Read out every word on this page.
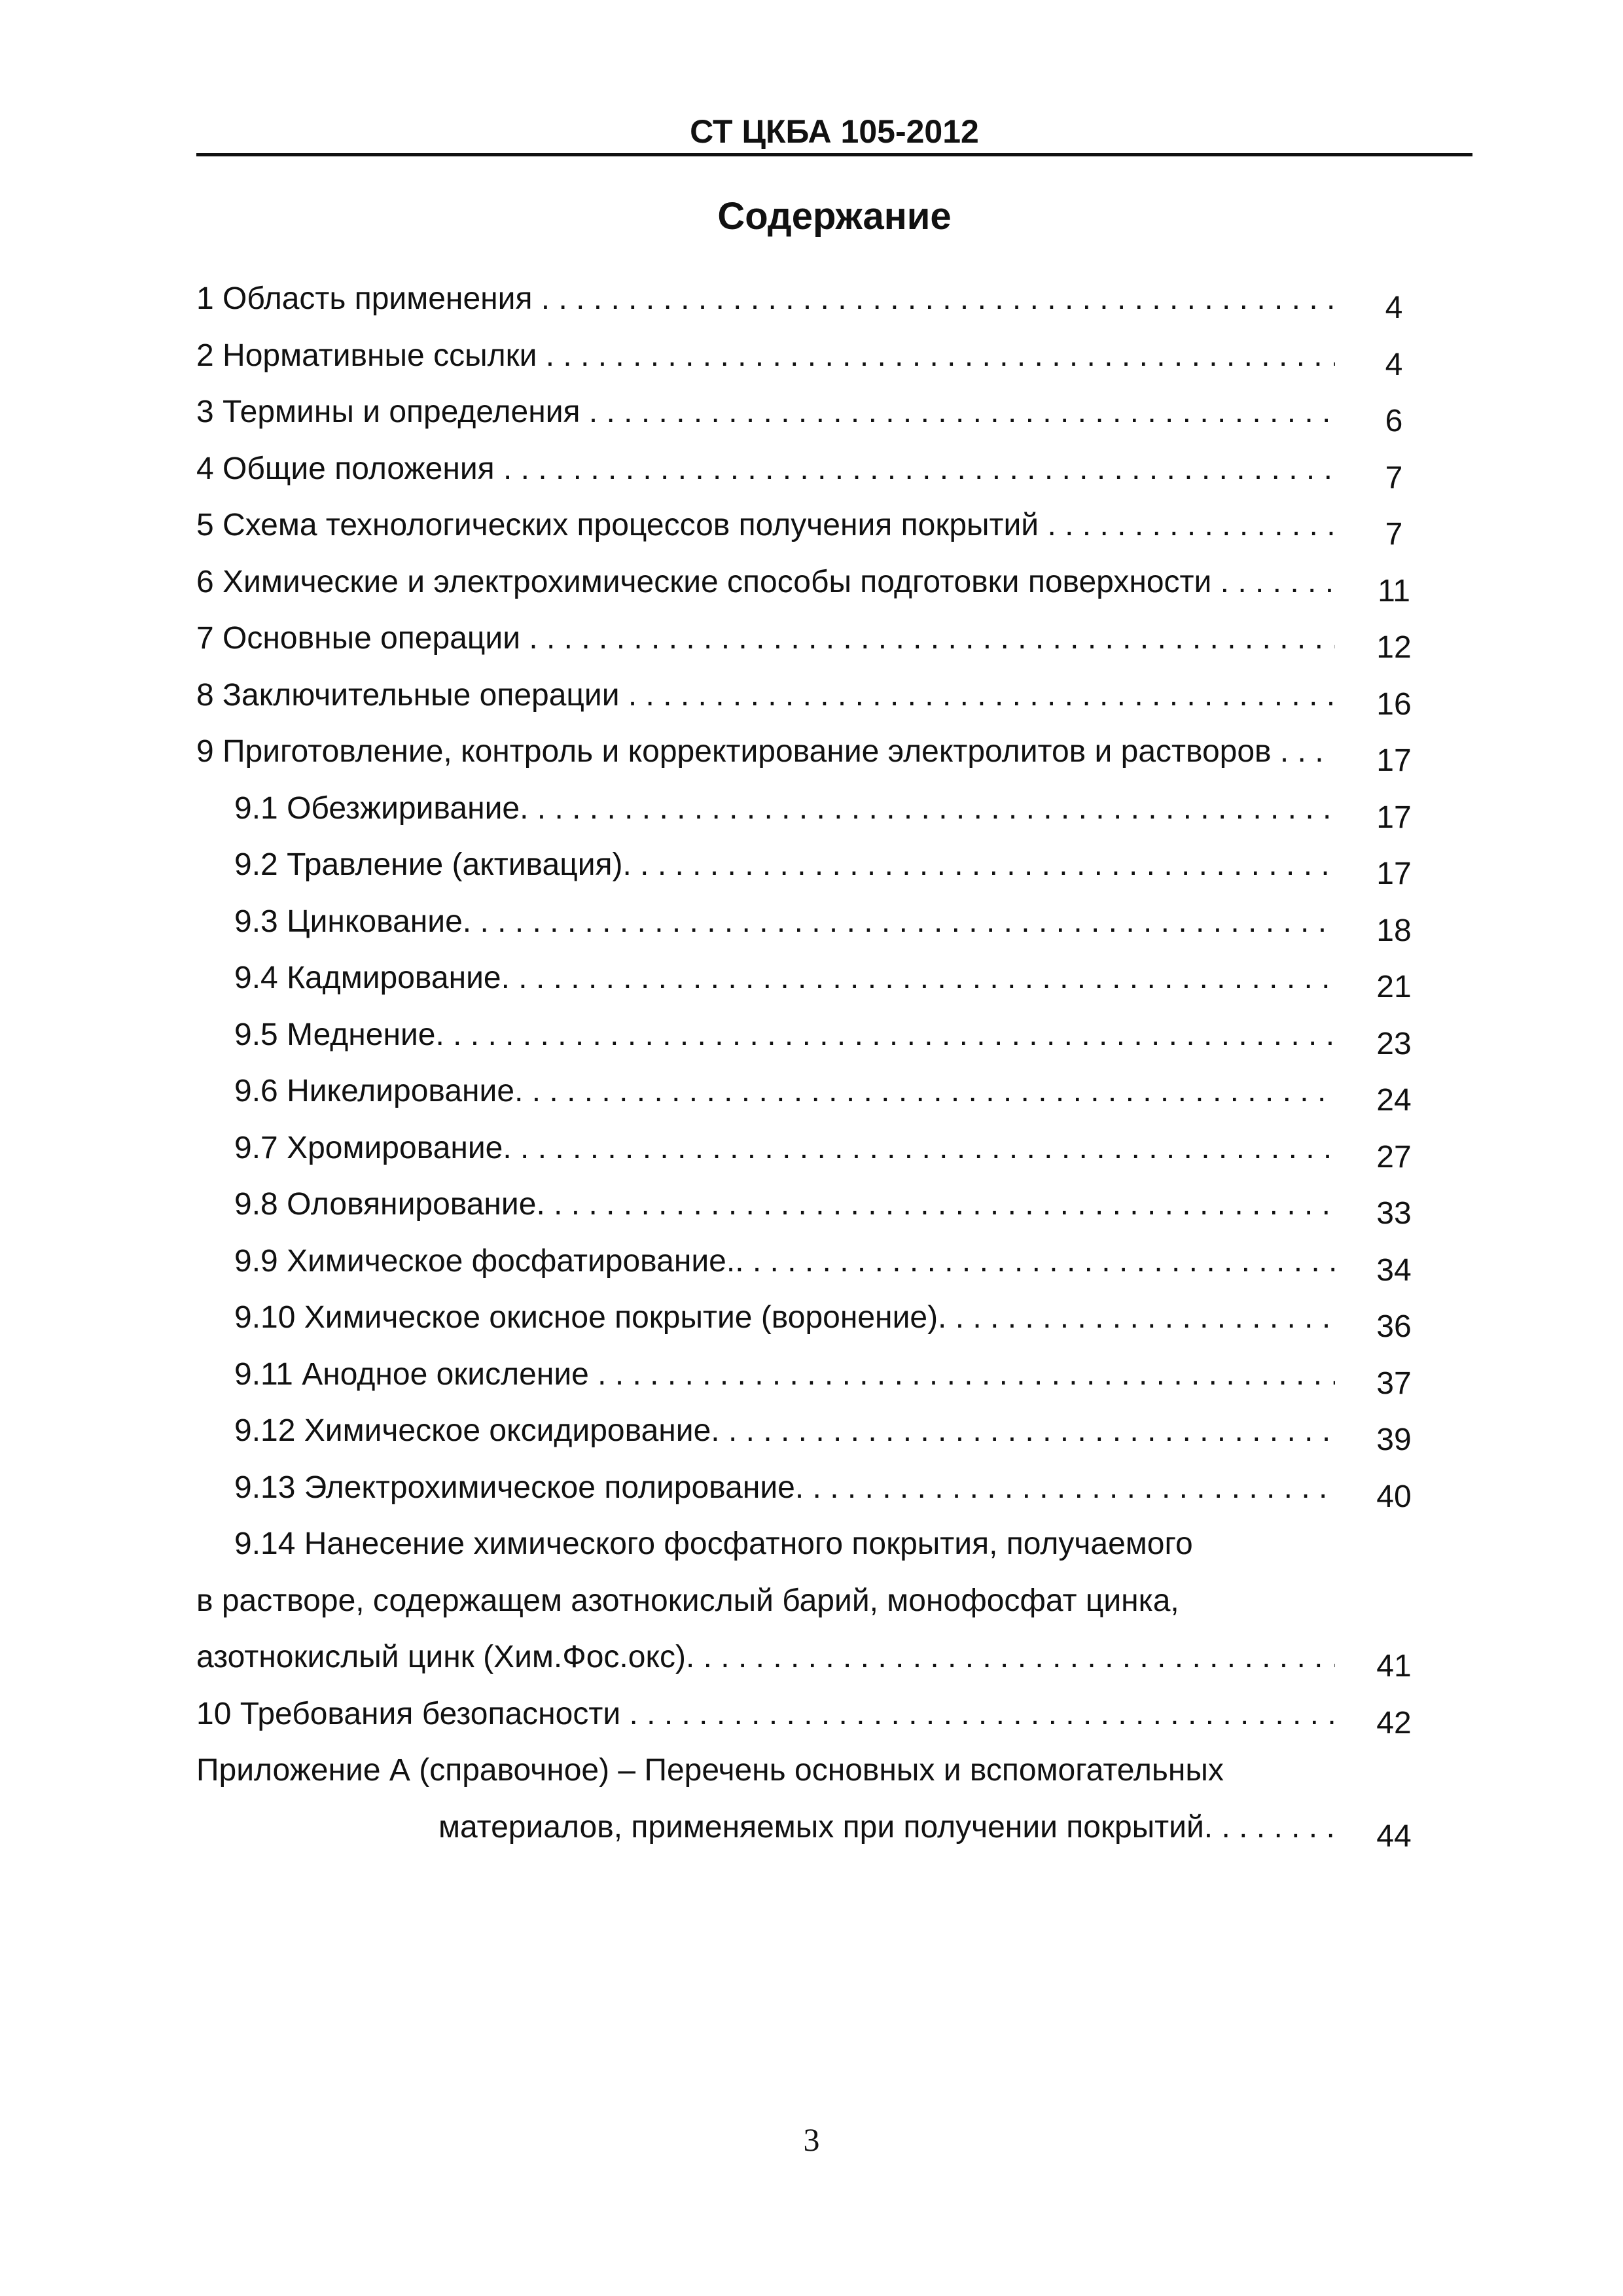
СТ ЦКБА 105-2012
Содержание
1 Область применения . . .	4
2 Нормативные ссылки . . .	4
3 Термины и определения . . .	6
4 Общие положения . . .	7
5 Схема технологических процессов получения покрытий . . .	7
6 Химические и электрохимические способы подготовки поверхности . . .	11
7 Основные операции . . .	12
8 Заключительные операции . . .	16
9 Приготовление, контроль и корректирование электролитов и растворов . . .	17
9.1 Обезжиривание. . . .	17
9.2 Травление (активация). . . .	17
9.3 Цинкование. . . .	18
9.4 Кадмирование. . . .	21
9.5 Меднение. . . .	23
9.6 Никелирование. . . .	24
9.7 Хромирование. . . .	27
9.8 Оловянирование. . . .	33
9.9 Химическое фосфатирование.. . . .	34
9.10 Химическое окисное покрытие (воронение). . . .	36
9.11 Анодное окисление . . .	37
9.12 Химическое оксидирование. . . .	39
9.13 Электрохимическое полирование. . . .	40
9.14 Нанесение химического фосфатного покрытия, получаемого
в растворе, содержащем азотнокислый барий, монофосфат цинка,
азотнокислый цинк (Хим.Фос.окс). . . .	41
10 Требования безопасности . . .	42
Приложение А (справочное) – Перечень основных и вспомогательных
материалов, применяемых при получении покрытий. . . .	44
3
